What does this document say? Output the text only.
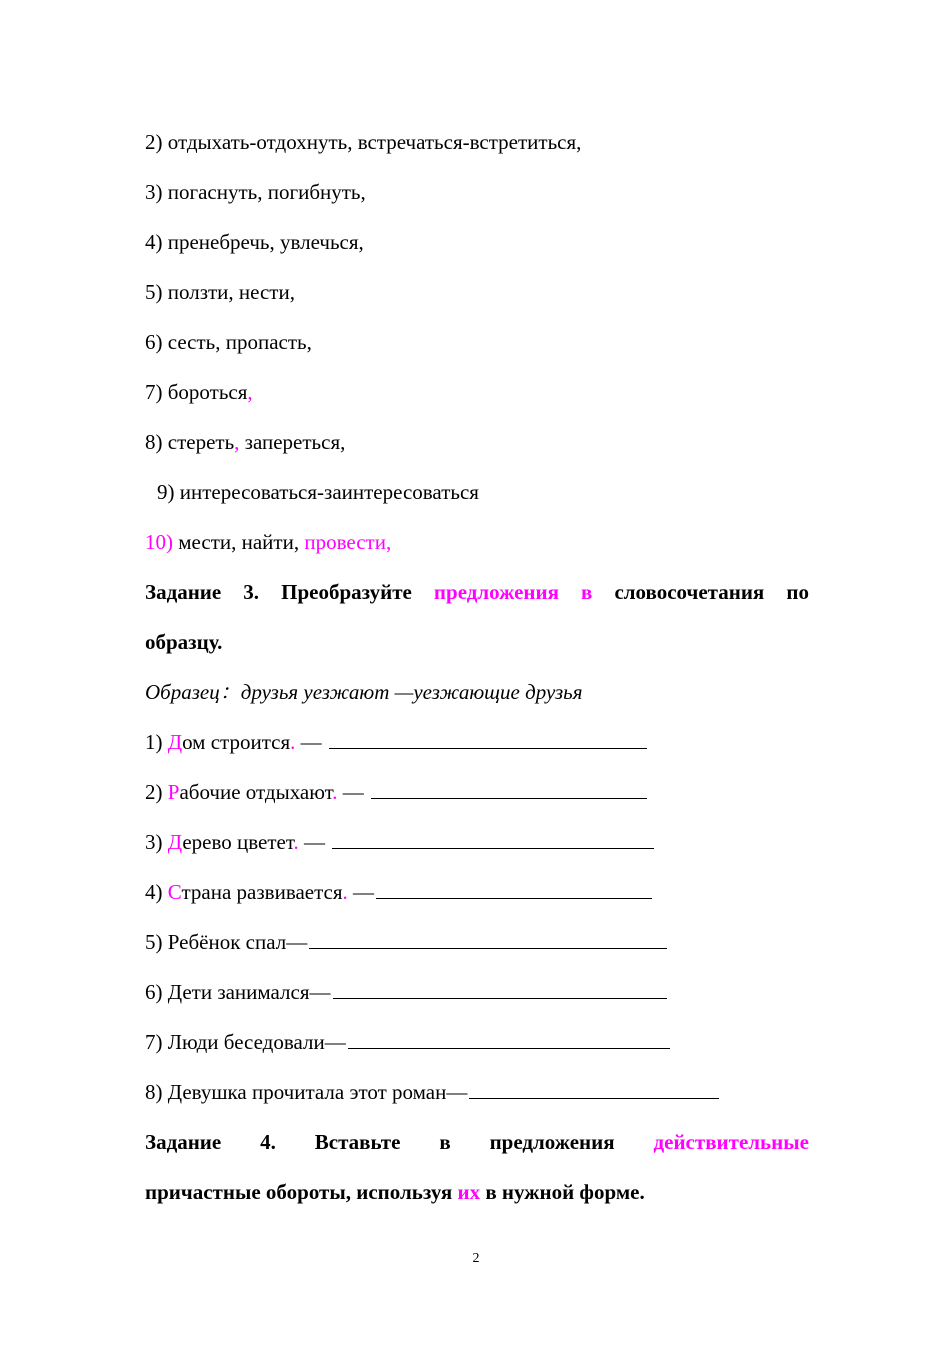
2) отдыхать-отдохнуть, встречаться-встретиться,
3) погаснуть, погибнуть,
4) пренебречь, увлечься,
5) ползти, нести,
6) сесть, пропасть,
7) бороться,
8) стереть, запереться,
9) интересоваться-заинтересоваться
10) мести, найти, провести,
Задание 3. Преобразуйте предложения в словосочетания по
образцу.
Образец：друзья уезжают —уезжающие друзья
1) Дом строится. —
2) Рабочие отдыхают. —
3) Дерево цветет. —
4) Страна развивается. —
5) Ребёнок спал—
6) Дети занимался—
7) Люди беседовали—
8) Девушка прочитала этот роман—
Задание 4. Вставьте в предложения действительные
причастные обороты, используя их в нужной форме.
2
